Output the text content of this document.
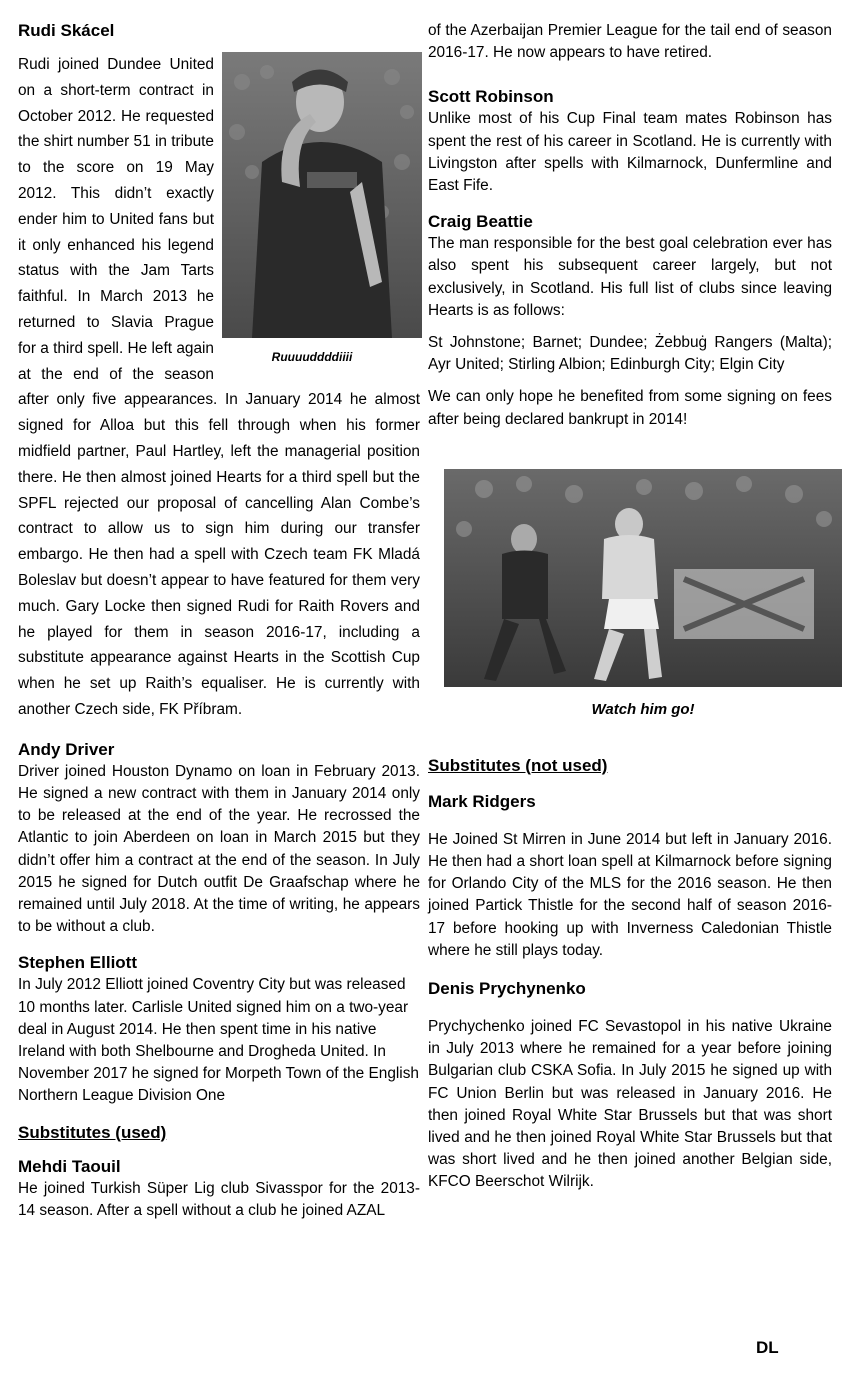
Rudi Skácel
Ruuuuddddiiii

Rudi joined Dundee United on a short-term contract in October 2012. He requested the shirt number 51 in tribute to the score on 19 May 2012. This didn’t exactly ender him to United fans but it only enhanced his legend status with the Jam Tarts faithful. In March 2013 he returned to Slavia Prague for a third spell. He left again at the end of the season after only five appearances. In January 2014 he almost signed for Alloa but this fell through when his former midfield partner, Paul Hartley, left the managerial position there. He then almost joined Hearts for a third spell but the SPFL rejected our proposal of cancelling Alan Combe’s contract to allow us to sign him during our transfer embargo. He then had a spell with Czech team FK Mladá Boleslav but doesn’t appear to have featured for them very much. Gary Locke then signed Rudi for Raith Rovers and he played for them in season 2016-17, including a substitute appearance against Hearts in the Scottish Cup when he set up Raith’s equaliser. He is currently with another Czech side, FK Příbram.

Andy Driver

Driver joined Houston Dynamo on loan in February 2013. He signed a new contract with them in January 2014 only to be released at the end of the year. He recrossed the Atlantic to join Aberdeen on loan in March 2015 but they didn’t offer him a contract at the end of the season. In July 2015 he signed for Dutch outfit De Graafschap where he remained until July 2018. At the time of writing, he appears to be without a club.

Stephen Elliott

In July 2012 Elliott joined Coventry City but was released 10 months later. Carlisle United signed him on a two-year deal in August 2014. He then spent time in his native Ireland with both Shelbourne and Drogheda United. In November 2017 he signed for Morpeth Town of the English Northern League Division One

Substitutes (used)
Mehdi Taouil

He joined Turkish Süper Lig club Sivasspor for the 2013-14 season. After a spell without a club he joined AZAL

of the Azerbaijan Premier League for the tail end of season 2016-17. He now appears to have retired.

Scott Robinson

Unlike most of his Cup Final team mates Robinson has spent the rest of his career in Scotland. He is currently with Livingston after spells with Kilmarnock, Dunfermline and East Fife.

Craig Beattie

The man responsible for the best goal celebration ever has also spent his subsequent career largely, but not exclusively, in Scotland. His full list of clubs since leaving Hearts is as follows:

St Johnstone; Barnet; Dundee; Żebbuġ Rangers (Malta); Ayr United; Stirling Albion; Edinburgh City; Elgin City

We can only hope he benefited from some signing on fees after being declared bankrupt in 2014!

Watch him go!
Substitutes (not used)
Mark Ridgers

He Joined St Mirren in June 2014 but left in January 2016. He then had a short loan spell at Kilmarnock before signing for Orlando City of the MLS for the 2016 season. He then joined Partick Thistle for the second half of season 2016-17 before hooking up with Inverness Caledonian Thistle where he still plays today.

Denis Prychynenko

Prychychenko joined FC Sevastopol in his native Ukraine in July 2013 where he remained for a year before joining Bulgarian club CSKA Sofia. In July 2015 he signed up with FC Union Berlin but was released in January 2016. He then joined Royal White Star Brussels but that was short lived and he then joined Royal White Star Brussels but that was short lived and he then joined another Belgian side, KFCO Beerschot Wilrijk.

DL
